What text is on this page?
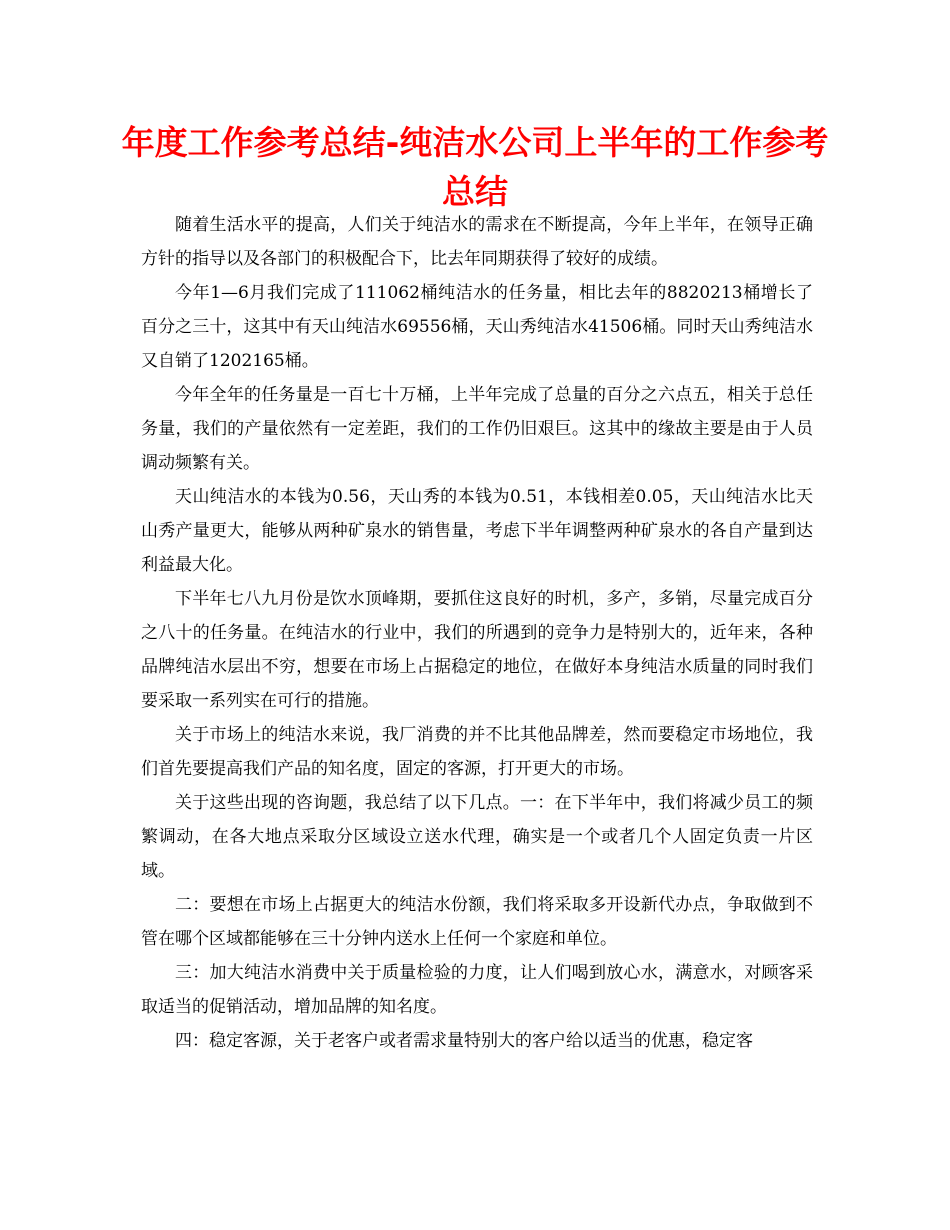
年度工作参考总结-纯洁水公司上半年的工作参考总结

随着生活水平的提高，人们关于纯洁水的需求在不断提高，今年上半年，在领导正确方针的指导以及各部门的积极配合下，比去年同期获得了较好的成绩。

今年1—6月我们完成了111062桶纯洁水的任务量，相比去年的8820213桶增长了百分之三十，这其中有天山纯洁水69556桶，天山秀纯洁水41506桶。同时天山秀纯洁水又自销了1202165桶。

今年全年的任务量是一百七十万桶，上半年完成了总量的百分之六点五，相关于总任务量，我们的产量依然有一定差距，我们的工作仍旧艰巨。这其中的缘故主要是由于人员调动频繁有关。

天山纯洁水的本钱为0.56，天山秀的本钱为0.51，本钱相差0.05，天山纯洁水比天山秀产量更大，能够从两种矿泉水的销售量，考虑下半年调整两种矿泉水的各自产量到达利益最大化。

下半年七八九月份是饮水顶峰期，要抓住这良好的时机，多产，多销，尽量完成百分之八十的任务量。在纯洁水的行业中，我们的所遇到的竞争力是特别大的，近年来，各种品牌纯洁水层出不穷，想要在市场上占据稳定的地位，在做好本身纯洁水质量的同时我们要采取一系列实在可行的措施。

关于市场上的纯洁水来说，我厂消费的并不比其他品牌差，然而要稳定市场地位，我们首先要提高我们产品的知名度，固定的客源，打开更大的市场。

关于这些出现的咨询题，我总结了以下几点。一：在下半年中，我们将减少员工的频繁调动，在各大地点采取分区域设立送水代理，确实是一个或者几个人固定负责一片区域。

二：要想在市场上占据更大的纯洁水份额，我们将采取多开设新代办点，争取做到不管在哪个区域都能够在三十分钟内送水上任何一个家庭和单位。

三：加大纯洁水消费中关于质量检验的力度，让人们喝到放心水，满意水，对顾客采取适当的促销活动，增加品牌的知名度。

四：稳定客源，关于老客户或者需求量特别大的客户给以适当的优惠，稳定客
